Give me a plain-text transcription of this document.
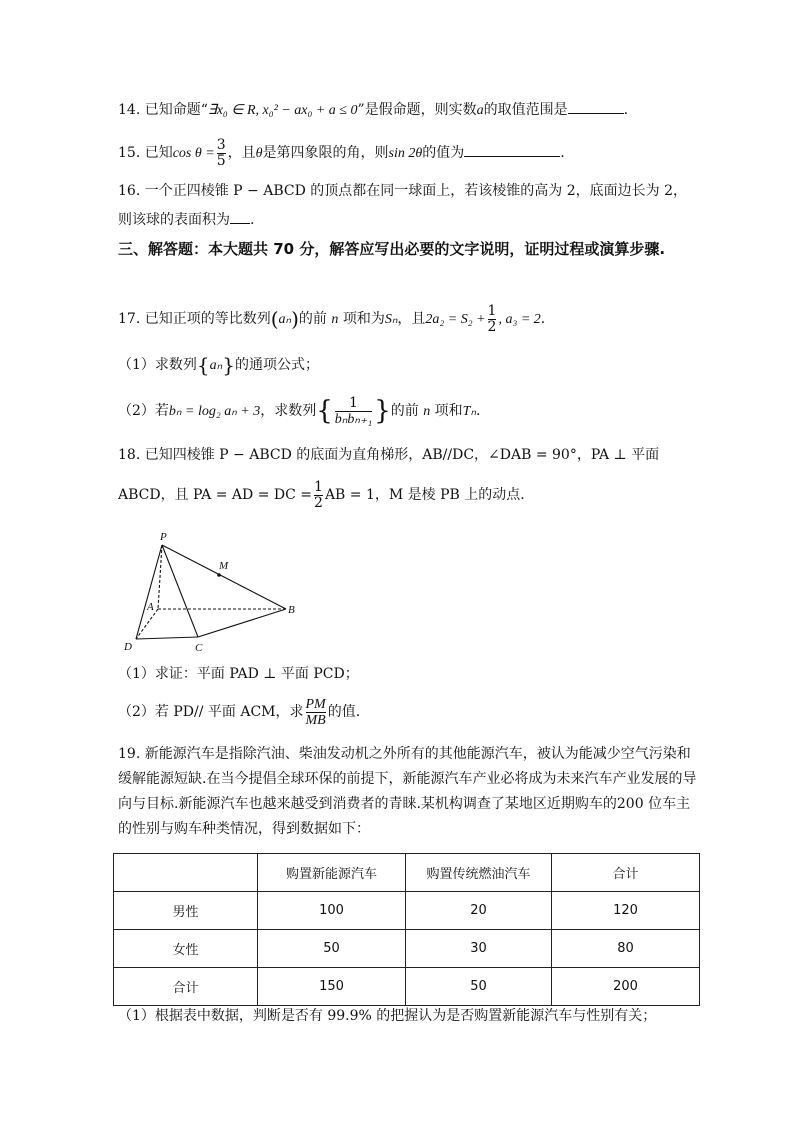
14. 已知命题“∃x₀ ∈ R, x₀² − ax₀ + a ≤ 0”是假命题，则实数a的取值范围是	.
15. 已知$\cos \theta = \frac{3}{5}$ ，且θ是第四象限的角，则sin 2θ的值为	.
16. 一个正四棱锥 P − ABCD 的顶点都在同一球面上，若该棱锥的高为 2，底面边长为 2，
则该球的表面积为 .
三、解答题：本大题共 70 分，解答应写出必要的文字说明，证明过程或演算步骤.
17. 已知正项的等比数列(aₙ)的前 n 项和为Sₙ，且$2a_2 = S_2 + \frac{1}{2}$ , a₃ = 2.
（1）求数列{aₙ}的通项公式；
（2）若bₙ = log₂ aₙ + 3，求数列{ $\frac{1}{\text{bₙbₙ₊₁}}$ }的前 n 项和Tₙ.
18. 已知四棱锥 P − ABCD 的底面为直角梯形，AB//DC，∠DAB = 90°，PA ⊥ 平面
ABCD，且 PA = AD = DC = $\frac{1}{2}$ AB = 1，M 是棱 PB 上的动点.
P
M
A	B
C
D
（1）求证：平面 PAD ⊥ 平面 PCD；
（2）若 PD// 平面 ACM，求 $\frac{PM}{MB}$ 的值.
19. 新能源汽车是指除汽油、柴油发动机之外所有的其他能源汽车，被认为能减少空气污染和缓解能源短缺.在当今提倡全球环保的前提下，新能源汽车产业必将成为未来汽车产业发展的导向与目标.新能源汽车也越来越受到消费者的青睐.某机构调查了某地区近期购车的200 位车主的性别与购车种类情况，得到数据如下：
	购置新能源汽车	购置传统燃油汽车	合计
男性	100	20	120
女性	50	30	80
合计	150	50	200
（1）根据表中数据，判断是否有 99.9% 的把握认为是否购置新能源汽车与性别有关；
